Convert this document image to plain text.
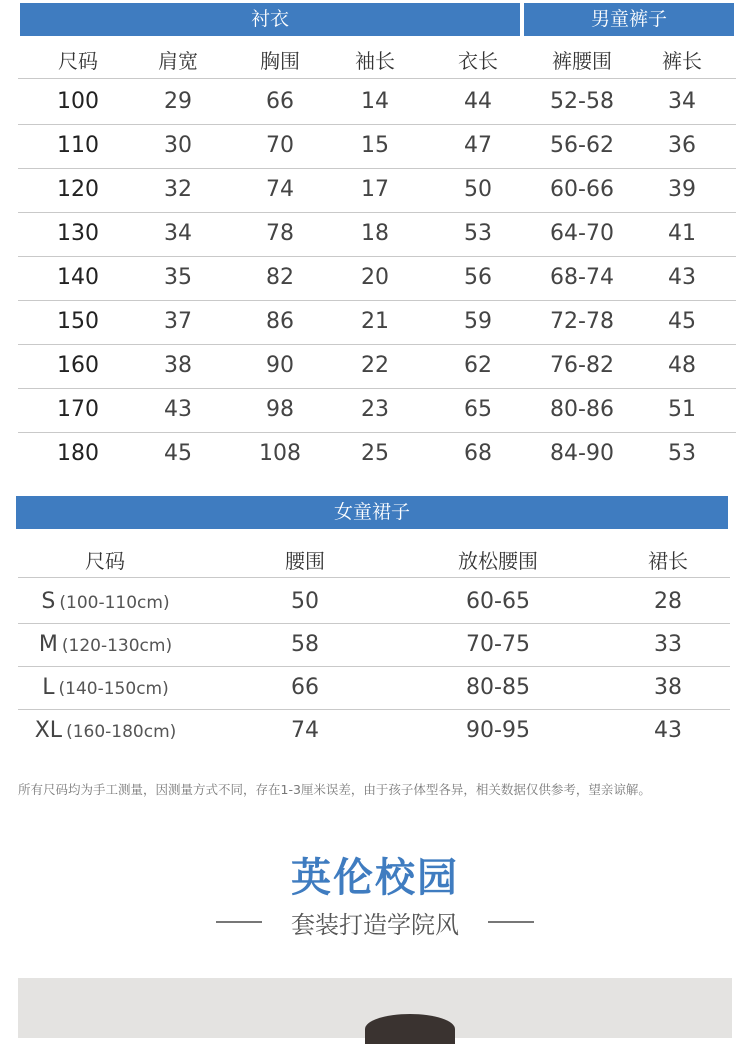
衬衣	男童裤子
尺码	肩宽	胸围	袖长	衣长	裤腰围	裤长
100	29	66	14	44	52-58	34
110	30	70	15	47	56-62	36
120	32	74	17	50	60-66	39
130	34	78	18	53	64-70	41
140	35	82	20	56	68-74	43
150	37	86	21	59	72-78	45
160	38	90	22	62	76-82	48
170	43	98	23	65	80-86	51
180	45	108	25	68	84-90	53
女童裙子
尺码	腰围	放松腰围	裙长
S (100-110cm)	50	60-65	28
M (120-130cm)	58	70-75	33
L (140-150cm)	66	80-85	38
XL (160-180cm)	74	90-95	43
所有尺码均为手工测量，因测量方式不同，存在1-3厘米误差，由于孩子体型各异，相关数据仅供参考，望亲谅解。
英伦校园
套装打造学院风
